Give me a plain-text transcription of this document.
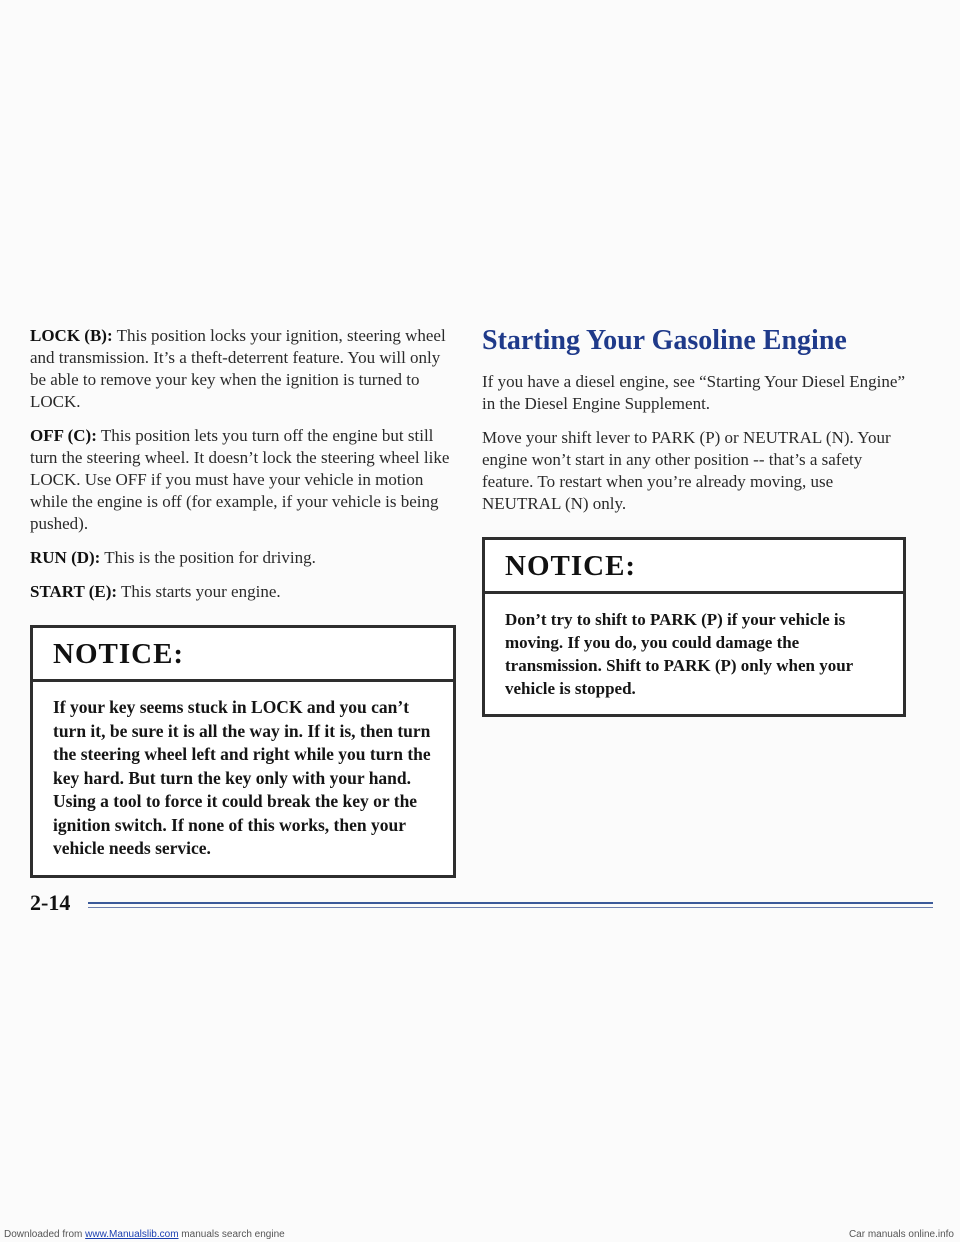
LOCK (B): This position locks your ignition, steering wheel and transmission. It’s a theft-deterrent feature. You will only be able to remove your key when the ignition is turned to LOCK.

OFF (C): This position lets you turn off the engine but still turn the steering wheel. It doesn’t lock the steering wheel like LOCK. Use OFF if you must have your vehicle in motion while the engine is off (for example, if your vehicle is being pushed).

RUN (D): This is the position for driving.

START (E): This starts your engine.

NOTICE:
If your key seems stuck in LOCK and you can’t turn it, be sure it is all the way in. If it is, then turn the steering wheel left and right while you turn the key hard. But turn the key only with your hand. Using a tool to force it could break the key or the ignition switch. If none of this works, then your vehicle needs service.
Starting Your Gasoline Engine

If you have a diesel engine, see “Starting Your Diesel Engine” in the Diesel Engine Supplement.

Move your shift lever to PARK (P) or NEUTRAL (N). Your engine won’t start in any other position -- that’s a safety feature. To restart when you’re already moving, use NEUTRAL (N) only.

NOTICE:
Don’t try to shift to PARK (P) if your vehicle is moving. If you do, you could damage the transmission. Shift to PARK (P) only when your vehicle is stopped.
2-14
Downloaded from www.Manualslib.com manuals search engine	Car manuals online.info
